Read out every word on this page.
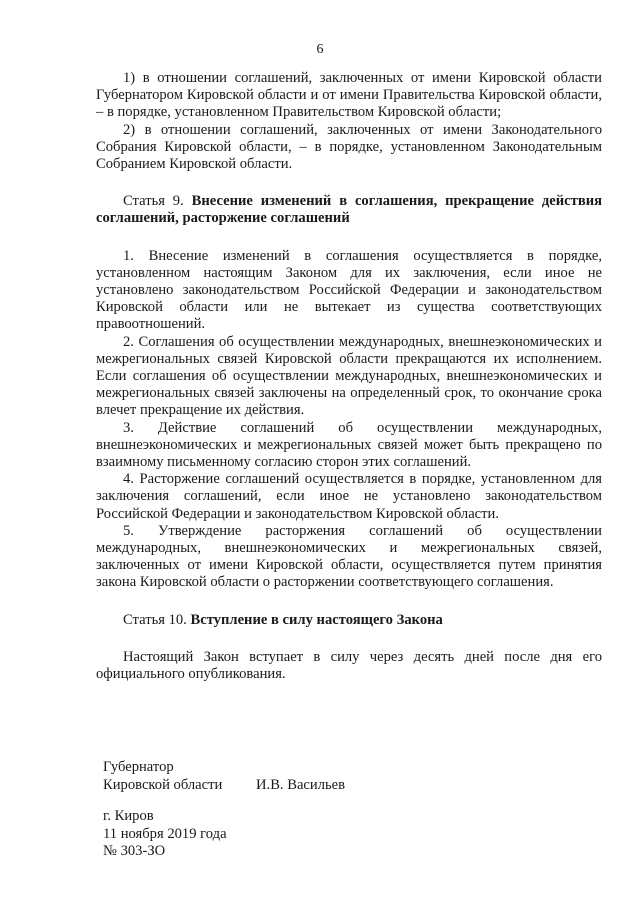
6

1) в отношении соглашений, заключенных от имени Кировской области Губернатором Кировской области и от имени Правительства Кировской области, – в порядке, установленном Правительством Кировской области;

2) в отношении соглашений, заключенных от имени Законодательного Собрания Кировской области, – в порядке, установленном Законодательным Собранием Кировской области.

Статья 9. Внесение изменений в соглашения, прекращение действия соглашений, расторжение соглашений

1. Внесение изменений в соглашения осуществляется в порядке, установленном настоящим Законом для их заключения, если иное не установлено законодательством Российской Федерации и законодательством Кировской области или не вытекает из существа соответствующих правоотношений.

2. Соглашения об осуществлении международных, внешнеэкономических и межрегиональных связей Кировской области прекращаются их исполнением. Если соглашения об осуществлении международных, внешнеэкономических и межрегиональных связей заключены на определенный срок, то окончание срока влечет прекращение их действия.

3. Действие соглашений об осуществлении международных, внешнеэкономических и межрегиональных связей может быть прекращено по взаимному письменному согласию сторон этих соглашений.

4. Расторжение соглашений осуществляется в порядке, установленном для заключения соглашений, если иное не установлено законодательством Российской Федерации и законодательством Кировской области.

5. Утверждение расторжения соглашений об осуществлении международных, внешнеэкономических и межрегиональных связей, заключенных от имени Кировской области, осуществляется путем принятия закона Кировской области о расторжении соответствующего соглашения.

Статья 10. Вступление в силу настоящего Закона

Настоящий Закон вступает в силу через десять дней после дня его официального опубликования.

Губернатор
Кировской области И.В. Васильев
г. Киров
11 ноября 2019 года
№ 303-ЗО
